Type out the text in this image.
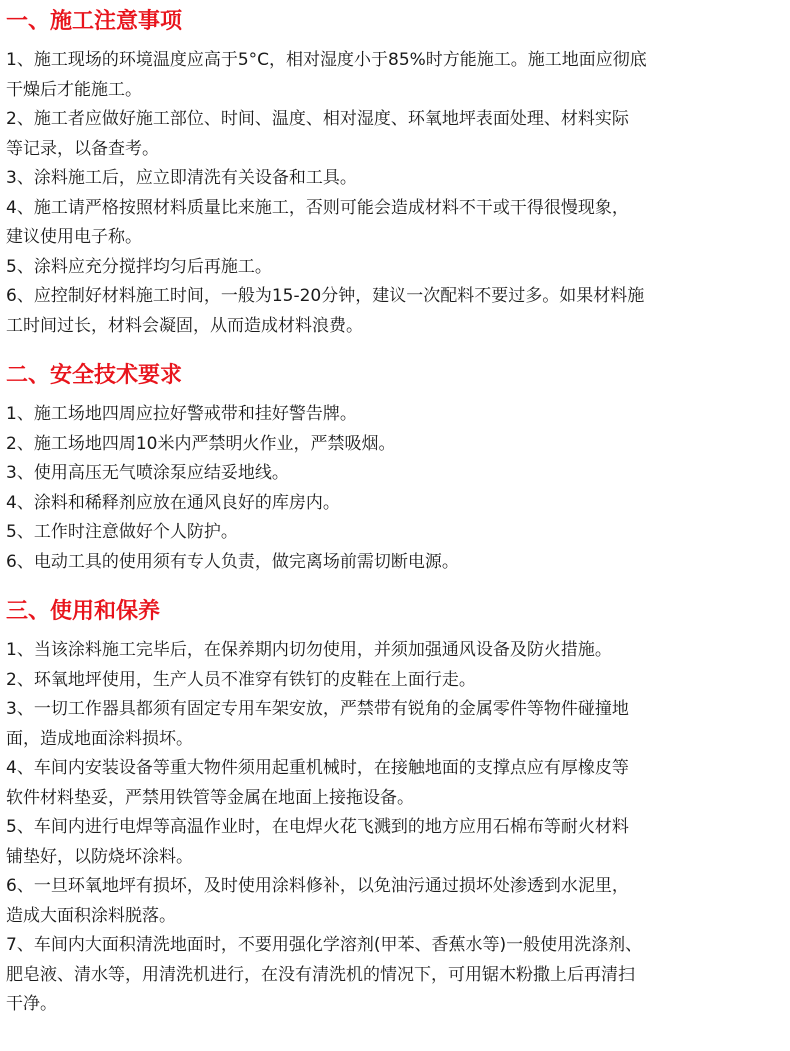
一、施工注意事项

1、施工现场的环境温度应高于5°C，相对湿度小于85%时方能施工。施工地面应彻底

干燥后才能施工。

2、施工者应做好施工部位、时间、温度、相对湿度、环氧地坪表面处理、材料实际

等记录，以备查考。

3、涂料施工后，应立即清洗有关设备和工具。

4、施工请严格按照材料质量比来施工，否则可能会造成材料不干或干得很慢现象，

建议使用电子称。

5、涂料应充分搅拌均匀后再施工。

6、应控制好材料施工时间，一般为15-20分钟，建议一次配料不要过多。如果材料施

工时间过长，材料会凝固，从而造成材料浪费。

二、安全技术要求

1、施工场地四周应拉好警戒带和挂好警告牌。

2、施工场地四周10米内严禁明火作业，严禁吸烟。

3、使用高压无气喷涂泵应结妥地线。

4、涂料和稀释剂应放在通风良好的库房内。

5、工作时注意做好个人防护。

6、电动工具的使用须有专人负责，做完离场前需切断电源。

三、使用和保养

1、当该涂料施工完毕后，在保养期内切勿使用，并须加强通风设备及防火措施。

2、环氧地坪使用，生产人员不准穿有铁钉的皮鞋在上面行走。

3、一切工作器具都须有固定专用车架安放，严禁带有锐角的金属零件等物件碰撞地

面，造成地面涂料损坏。

4、车间内安装设备等重大物件须用起重机械时，在接触地面的支撑点应有厚橡皮等

软件材料垫妥，严禁用铁管等金属在地面上接拖设备。

5、车间内进行电焊等高温作业时，在电焊火花飞溅到的地方应用石棉布等耐火材料

铺垫好，以防烧坏涂料。

6、一旦环氧地坪有损坏，及时使用涂料修补，以免油污通过损坏处渗透到水泥里，

造成大面积涂料脱落。

7、车间内大面积清洗地面时，不要用强化学溶剂(甲苯、香蕉水等)一般使用洗涤剂、

肥皂液、清水等，用清洗机进行，在没有清洗机的情况下，可用锯木粉撒上后再清扫

干净。
